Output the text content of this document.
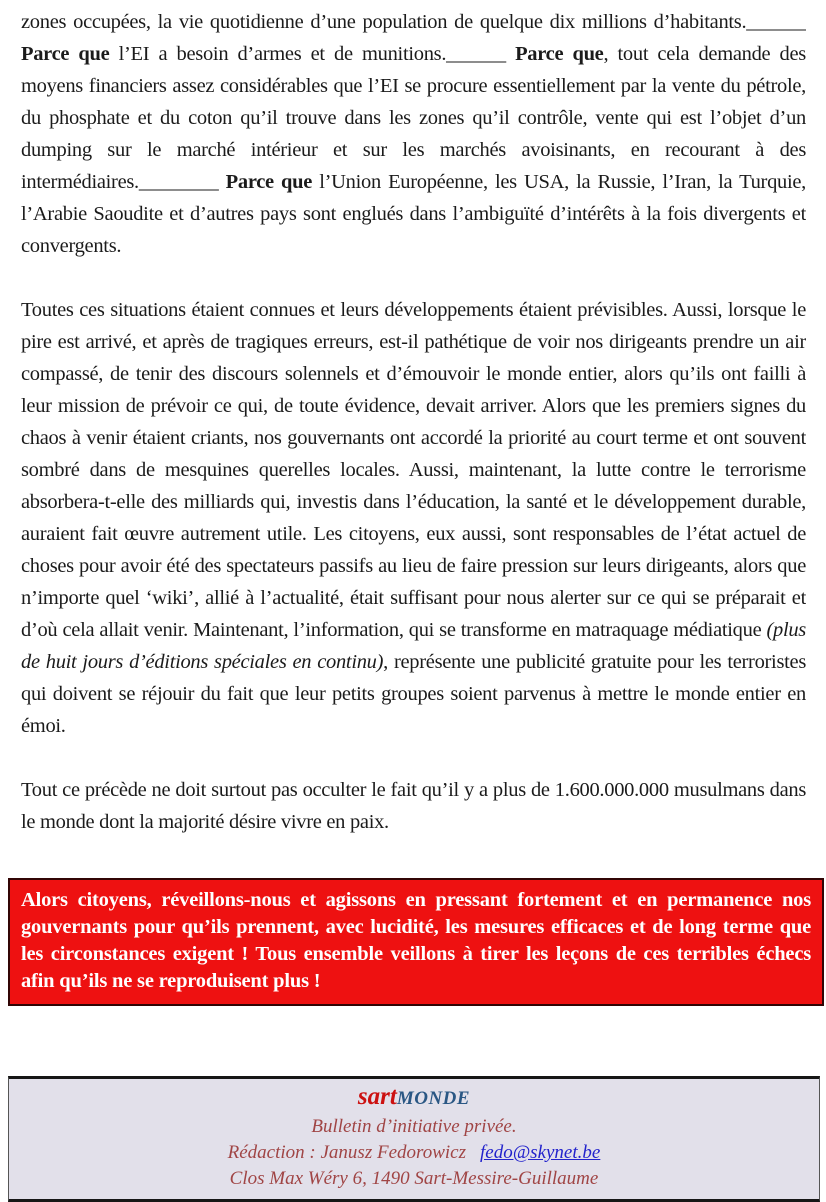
zones occupées, la vie quotidienne d’une population de quelque dix millions d’habitants.______ Parce que l’EI a besoin d’armes et de munitions.______ Parce que, tout cela demande des moyens financiers assez considérables que l’EI se procure essentiellement par la vente du pétrole, du phosphate et du coton qu’il trouve dans les zones qu’il contrôle, vente qui est l’objet d’un dumping sur le marché intérieur et sur les marchés avoisinants, en recourant à des intermédiaires.________ Parce que l’Union Européenne, les USA, la Russie, l’Iran, la Turquie, l’Arabie Saoudite et d’autres pays sont englués dans l’ambiguïté d’intérêts à la fois divergents et convergents.

Toutes ces situations étaient connues et leurs développements étaient prévisibles. Aussi, lorsque le pire est arrivé, et après de tragiques erreurs, est-il pathétique de voir nos dirigeants prendre un air compassé, de tenir des discours solennels et d’émouvoir le monde entier, alors qu’ils ont failli à leur mission de prévoir ce qui, de toute évidence, devait arriver. Alors que les premiers signes du chaos à venir étaient criants, nos gouvernants ont accordé la priorité au court terme et ont souvent sombré dans de mesquines querelles locales. Aussi, maintenant, la lutte contre le terrorisme absorbera-t-elle des milliards qui, investis dans l’éducation, la santé et le développement durable, auraient fait œuvre autrement utile. Les citoyens, eux aussi, sont responsables de l’état actuel de choses pour avoir été des spectateurs passifs au lieu de faire pression sur leurs dirigeants, alors que n’importe quel ‘wiki’, allié à l’actualité, était suffisant pour nous alerter sur ce qui se préparait et d’où cela allait venir. Maintenant, l’information, qui se transforme en matraquage médiatique (plus de huit jours d’éditions spéciales en continu), représente une publicité gratuite pour les terroristes qui doivent se réjouir du fait que leur petits groupes soient parvenus à mettre le monde entier en émoi.

Tout ce précède ne doit surtout pas occulter le fait qu’il y a plus de 1.600.000.000 musulmans dans le monde dont la majorité désire vivre en paix.

Alors citoyens, réveillons-nous et agissons en pressant fortement et en permanence nos gouvernants pour qu’ils prennent, avec lucidité, les mesures efficaces et de long terme que les circonstances exigent ! Tous ensemble veillons à tirer les leçons de ces terribles échecs afin qu’ils ne se reproduisent plus !
sartMONDE
Bulletin d’initiative privée.
Rédaction : Janusz Fedorowicz fedo@skynet.be
Clos Max Wéry 6, 1490 Sart-Messire-Guillaume
